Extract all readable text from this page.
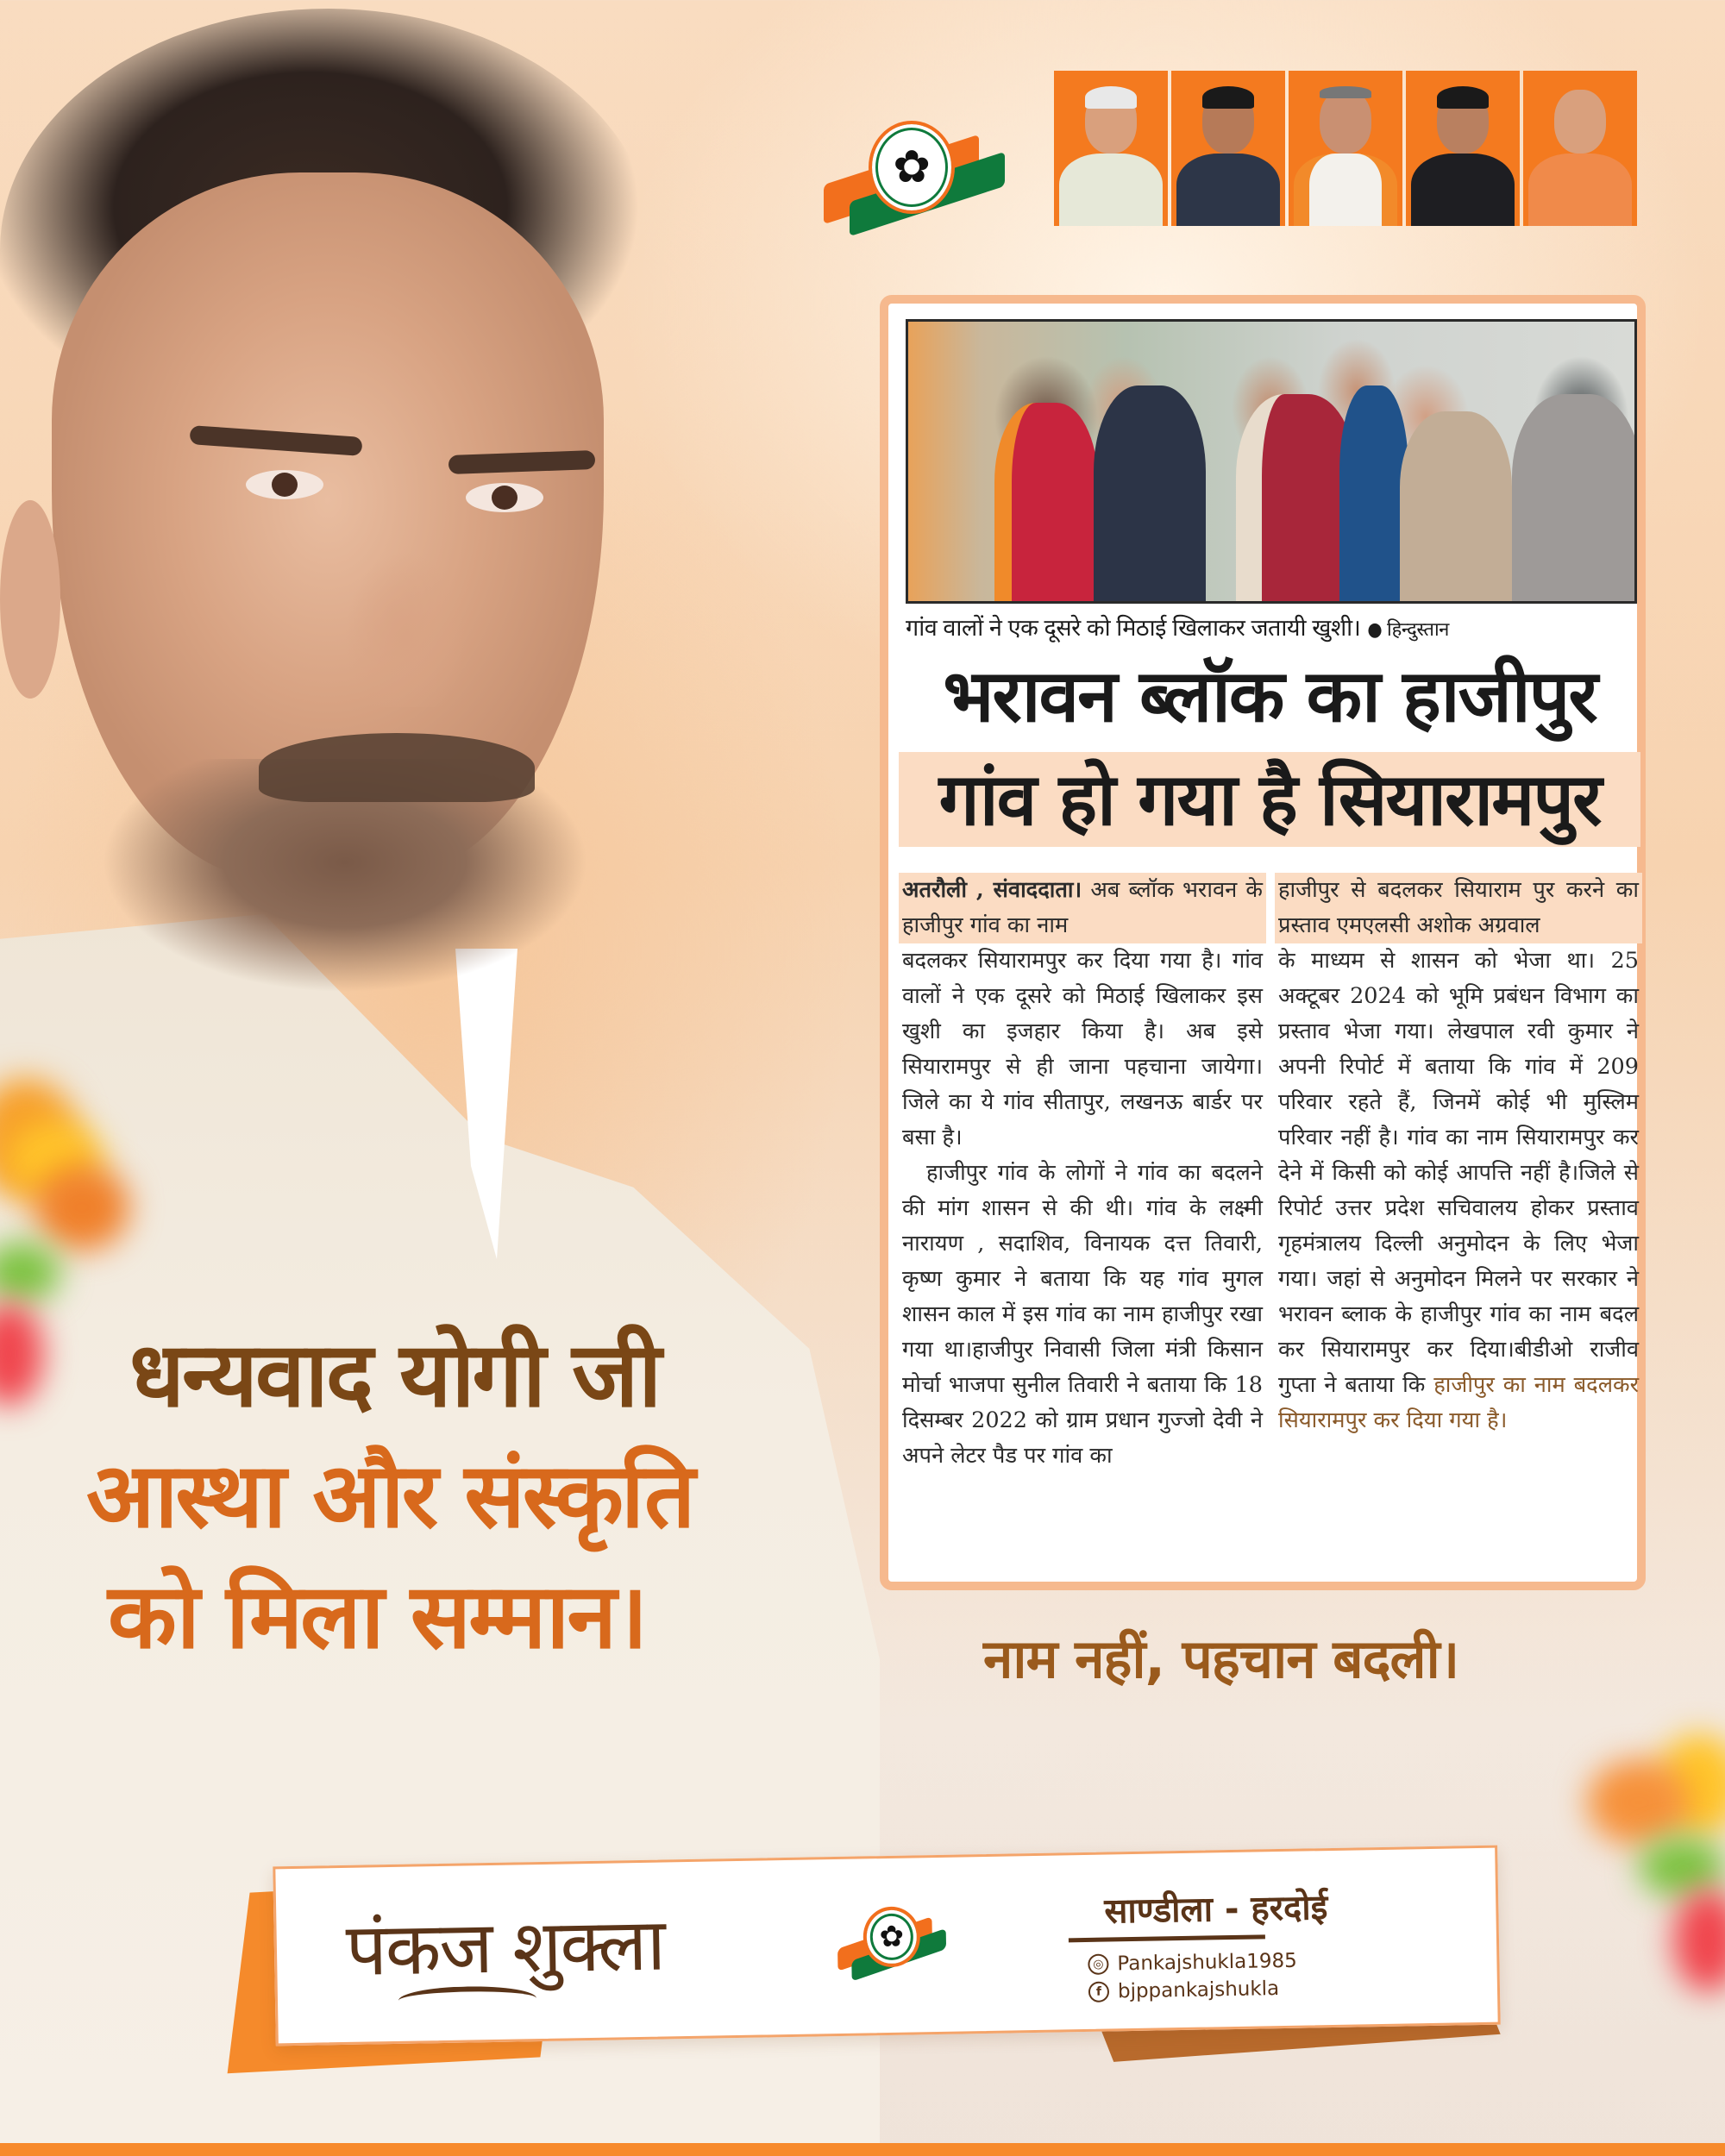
✿
गांव वालों ने एक दूसरे को मिठाई खिलाकर जतायी खुशी। ● हिन्दुस्तान
भरावन ब्लॉक का हाजीपुर
गांव हो गया है सियारामपुर
अतरौली , संवाददाता। अब ब्लॉक भरावन के हाजीपुर गांव का नाम

बदलकर सियारामपुर कर दिया गया है। गांव वालों ने एक दूसरे को मिठाई खिलाकर इस खुशी का इजहार किया है। अब इसे सियारामपुर से ही जाना पहचाना जायेगा। जिले का ये गांव सीतापुर, लखनऊ बार्डर पर बसा है।

हाजीपुर गांव के लोगों ने गांव का बदलने की मांग शासन से की थी। गांव के लक्ष्मी नारायण , सदाशिव, विनायक दत्त तिवारी, कृष्ण कुमार ने बताया कि यह गांव मुगल शासन काल में इस गांव का नाम हाजीपुर रखा गया था।हाजीपुर निवासी जिला मंत्री किसान मोर्चा भाजपा सुनील तिवारी ने बताया कि 18 दिसम्बर 2022 को ग्राम प्रधान गुज्जो देवी ने अपने लेटर पैड पर गांव का

हाजीपुर से बदलकर सियाराम पुर करने का प्रस्ताव एमएलसी अशोक अग्रवाल

के माध्यम से शासन को भेजा था। 25 अक्टूबर 2024 को भूमि प्रबंधन विभाग का प्रस्ताव भेजा गया। लेखपाल रवी कुमार ने अपनी रिपोर्ट में बताया कि गांव में 209 परिवार रहते हैं, जिनमें कोई भी मुस्लिम परिवार नहीं है। गांव का नाम सियारामपुर कर देने में किसी को कोई आपत्ति नहीं है।जिले से रिपोर्ट उत्तर प्रदेश सचिवालय होकर प्रस्ताव गृहमंत्रालय दिल्ली अनुमोदन के लिए भेजा गया। जहां से अनुमोदन मिलने पर सरकार ने भरावन ब्लाक के हाजीपुर गांव का नाम बदल कर सियारामपुर कर दिया।बीडीओ राजीव गुप्ता ने बताया कि हाजीपुर का नाम बदलकर सियारामपुर कर दिया गया है।

धन्यवाद योगी जी
आस्था और संस्कृति
को मिला सम्मान।	नाम नहीं, पहचान बदली।
पंकज शुक्ला	✿
साण्डीला - हरदोई
◎ Pankajshukla1985
f bjppankajshukla
